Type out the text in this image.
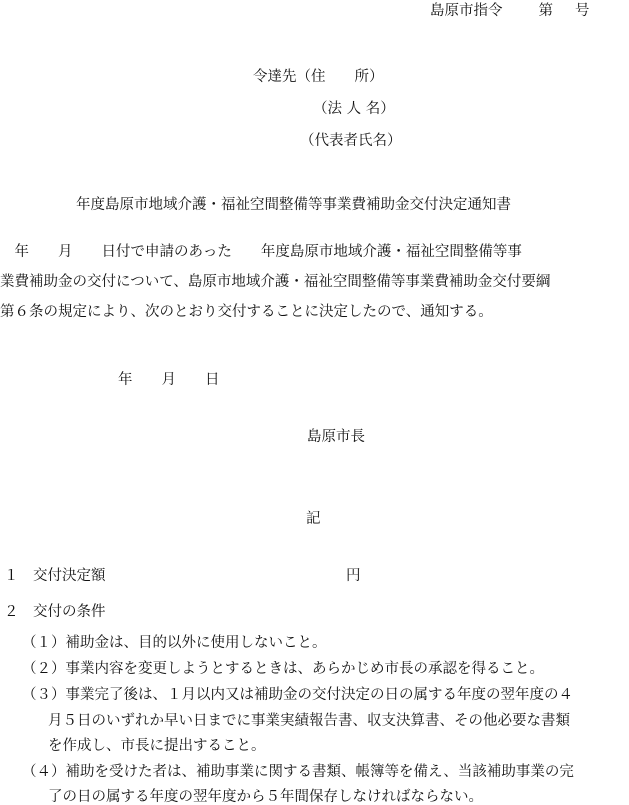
島原市指令 第 号
令達先（住　　所）
（法 人 名）
（代表者氏名）
年度島原市地域介護・福祉空間整備等事業費補助金交付決定通知書
　年　　月　　日付で申請のあった　　年度島原市地域介護・福祉空間整備等事
業費補助金の交付について、島原市地域介護・福祉空間整備等事業費補助金交付要綱
第６条の規定により、次のとおり交付することに決定したので、通知する。
年　　月　　日
島原市長
記
１　交付決定額	円
２　交付の条件
（１）補助金は、目的以外に使用しないこと。
（２）事業内容を変更しようとするときは、あらかじめ市長の承認を得ること。
（３）事業完了後は、１月以内又は補助金の交付決定の日の属する年度の翌年度の４
月５日のいずれか早い日までに事業実績報告書、収支決算書、その他必要な書類
を作成し、市長に提出すること。
（４）補助を受けた者は、補助事業に関する書類、帳簿等を備え、当該補助事業の完
了の日の属する年度の翌年度から５年間保存しなければならない。
